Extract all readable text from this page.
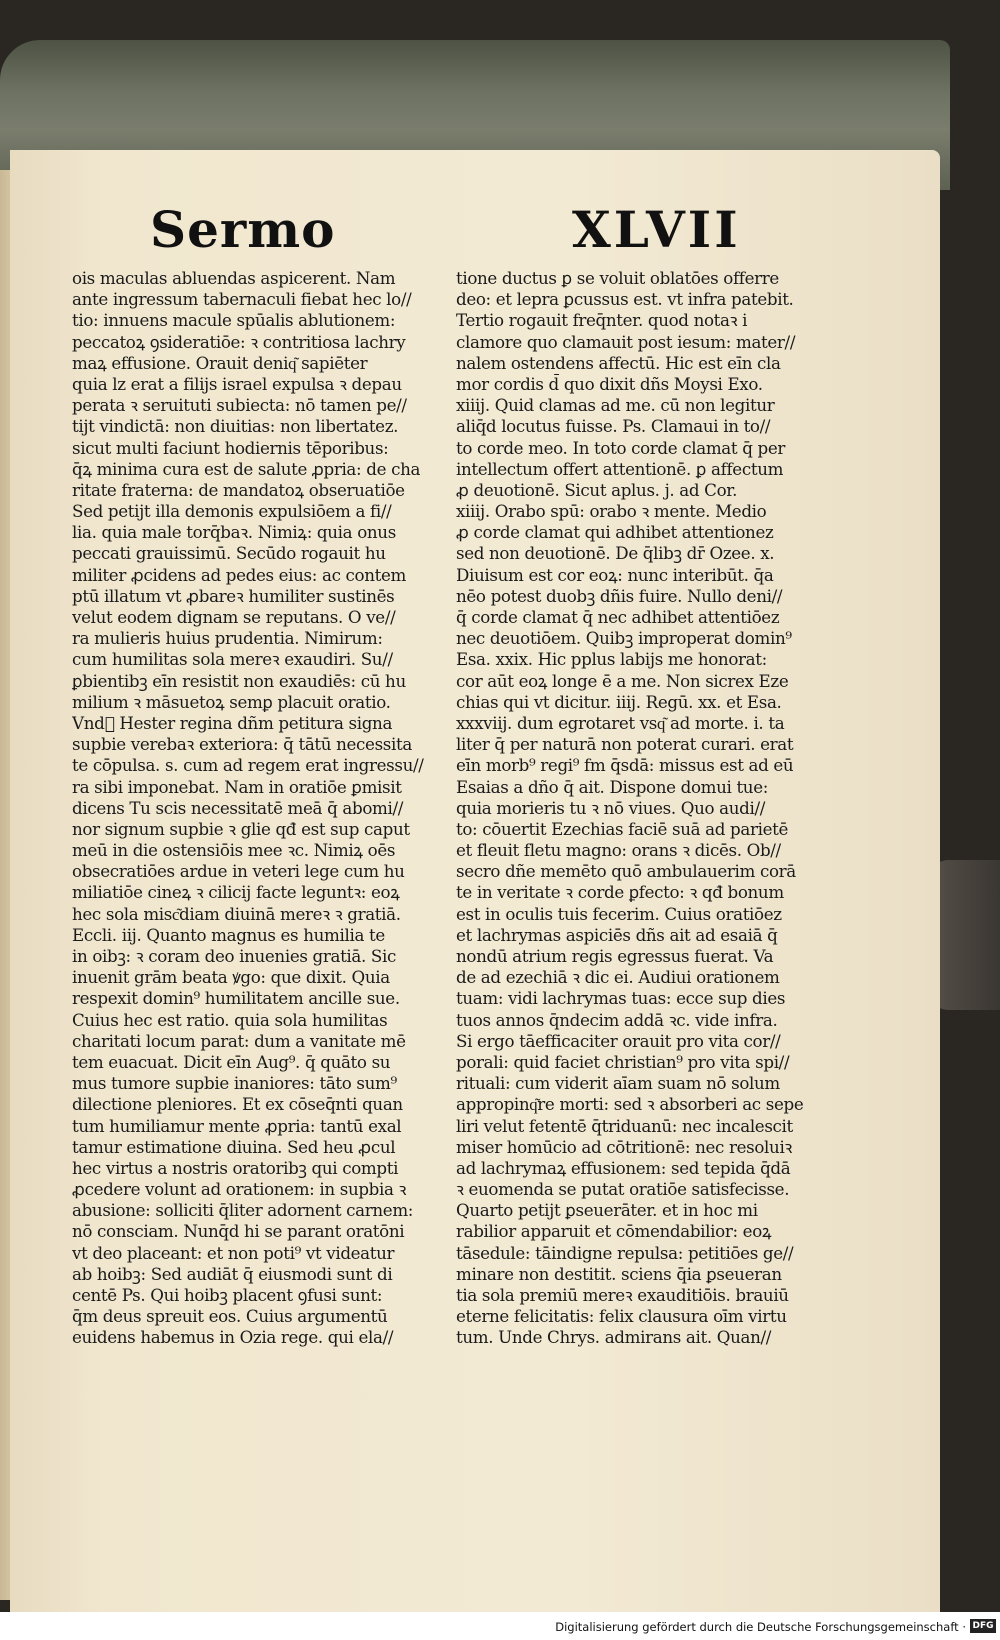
Sermo	XLVII
ois maculas abluendas aspicerent. Nam
ante ingressum tabernaculi fiebat hec lo//
tio: innuens macule spūalis ablutionem:
peccatoꝝ ꝯsideratiōe: ꝛ contritiosa lachry
maꝝ effusione. Orauit deniq͂ sapiēter
quia lz erat a filijs israel expulsa ꝛ depau
perata ꝛ seruituti subiecta: nō tamen pe//
tijt vindictā: non diuitias: non libertatez.
sicut multi faciunt hodiernis tēporibus:
q̄ꝝ minima cura est de salute ꝓpria: de cha
ritate fraterna: de mandatoꝝ obseruatiōe
Sed petijt illa demonis expulsiōem a fi//
lia. quia male torq̄baꝛ. Nimiꝝ: quia onus
peccati grauissimū. Secūdo rogauit hu
militer ꝓcidens ad pedes eius: ac contem
ptū illatum vt ꝓbareꝛ humiliter sustinēs
velut eodem dignam se reputans. O ve//
ra mulieris huius prudentia. Nimirum:
cum humilitas sola mereꝛ exaudiri. Su//
ꝑbientibꝫ eīn resistit non exaudiēs: cū hu
milium ꝛ māsuetoꝝ semꝑ placuit oratio.
Vnd᷑ Hester regina dñm petitura signa
supbie verebaꝛ exteriora: q̄ tātū necessita
te cōpulsa. s. cum ad regem erat ingressu//
ra sibi imponebat. Nam in oratiōe ꝑmisit
dicens Tu scis necessitatē meā q̄ abomi//
nor signum supbie ꝛ glie qđ est sup caput
meū in die ostensiōis mee ꝛc. Nimiꝝ oēs
obsecratiōes ardue in veteri lege cum hu
miliatiōe cineꝝ ꝛ cilicij facte leguntꝛ: eoꝝ
hec sola misc͂diam diuinā mereꝛ ꝛ gratiā.
Eccli. iij. Quanto magnus es humilia te
in oibꝫ: ꝛ coram deo inuenies gratiā. Sic
inuenit grām beata ꝟgo: que dixit. Quia
respexit domin⁹ humilitatem ancille sue.
Cuius hec est ratio. quia sola humilitas
charitati locum parat: dum a vanitate mē
tem euacuat. Dicit eīn Aug⁹. q̄ quāto su
mus tumore supbie inaniores: tāto sum⁹
dilectione pleniores. Et ex cōseq̄nti quan
tum humiliamur mente ꝓpria: tantū exal
tamur estimatione diuina. Sed heu ꝓcul
hec virtus a nostris oratoribꝫ qui compti
ꝓcedere volunt ad orationem: in supbia ꝛ
abusione: solliciti q̄liter adornent carnem:
nō consciam. Nunq̄d hi se parant oratōni
vt deo placeant: et non poti⁹ vt videatur
ab hoibꝫ: Sed audiāt q̄ eiusmodi sunt di
centē Ps. Qui hoibꝫ placent ꝯfusi sunt:
q̄m deus spreuit eos. Cuius argumentū
euidens habemus in Ozia rege. qui ela//
tione ductus ꝑ se voluit oblatōes offerre
deo: et lepra ꝑcussus est. vt infra patebit.
Tertio rogauit freq̄nter. quod notaꝛ i
clamore quo clamauit post iesum: mater//
nalem ostendens affectū. Hic est eīn cla
mor cordis d̄ quo dixit dñs Moysi Exo.
xiiij. Quid clamas ad me. cū non legitur
aliq̄d locutus fuisse. Ps. Clamaui in to//
to corde meo. In toto corde clamat q̄ per
intellectum offert attentionē. ꝑ affectum
ꝓ deuotionē. Sicut aplus. j. ad Cor.
xiiij. Orabo spū: orabo ꝛ mente. Medio
ꝓ corde clamat qui adhibet attentionez
sed non deuotionē. De q̄libꝫ dr̄ Ozee. x.
Diuisum est cor eoꝝ: nunc interibūt. q̄a
nēo potest duobꝫ dñis fuire. Nullo deni//
q̄ corde clamat q̄ nec adhibet attentiōez
nec deuotiōem. Quibꝫ improperat domin⁹
Esa. xxix. Hic pplus labijs me honorat:
cor aūt eoꝝ longe ē a me. Non sicrex Eze
chias qui vt dicitur. iiij. Regū. xx. et Esa.
xxxviij. dum egrotaret vsq͂ ad morte. i. ta
liter q̄ per naturā non poterat curari. erat
eīn morb⁹ regi⁹ fm q̄sdā: missus est ad eū
Esaias a dño q̄ ait. Dispone domui tue:
quia morieris tu ꝛ nō viues. Quo audi//
to: cōuertit Ezechias faciē suā ad parietē
et fleuit fletu magno: orans ꝛ dicēs. Ob//
secro dñe memēto quō ambulauerim corā
te in veritate ꝛ corde ꝑfecto: ꝛ qđ bonum
est in oculis tuis fecerim. Cuius oratiōez
et lachrymas aspiciēs dñs ait ad esaiā q̄
nondū atrium regis egressus fuerat. Va
de ad ezechiā ꝛ dic ei. Audiui orationem
tuam: vidi lachrymas tuas: ecce sup dies
tuos annos q̄ndecim addā ꝛc. vide infra.
Si ergo tāefficaciter orauit pro vita cor//
porali: quid faciet christian⁹ pro vita spi//
rituali: cum viderit aīam suam nō solum
appropinq͂re morti: sed ꝛ absorberi ac sepe
liri velut fetentē q̄triduanū: nec incalescit
miser homūcio ad cōtritionē: nec resoluiꝛ
ad lachrymaꝝ effusionem: sed tepida q̄dā
ꝛ euomenda se putat oratiōe satisfecisse.
Quarto petijt ꝑseuerāter. et in hoc mi
rabilior apparuit et cōmendabilior: eoꝝ
tāsedule: tāindigne repulsa: petitiōes ge//
minare non destitit. sciens q̄ia ꝑseueran
tia sola premiū mereꝛ exauditiōis. brauiū
eterne felicitatis: felix clausura oīm virtu
tum. Unde Chrys. admirans ait. Quan//
Digitalisierung gefördert durch die Deutsche Forschungsgemeinschaft · DFG
